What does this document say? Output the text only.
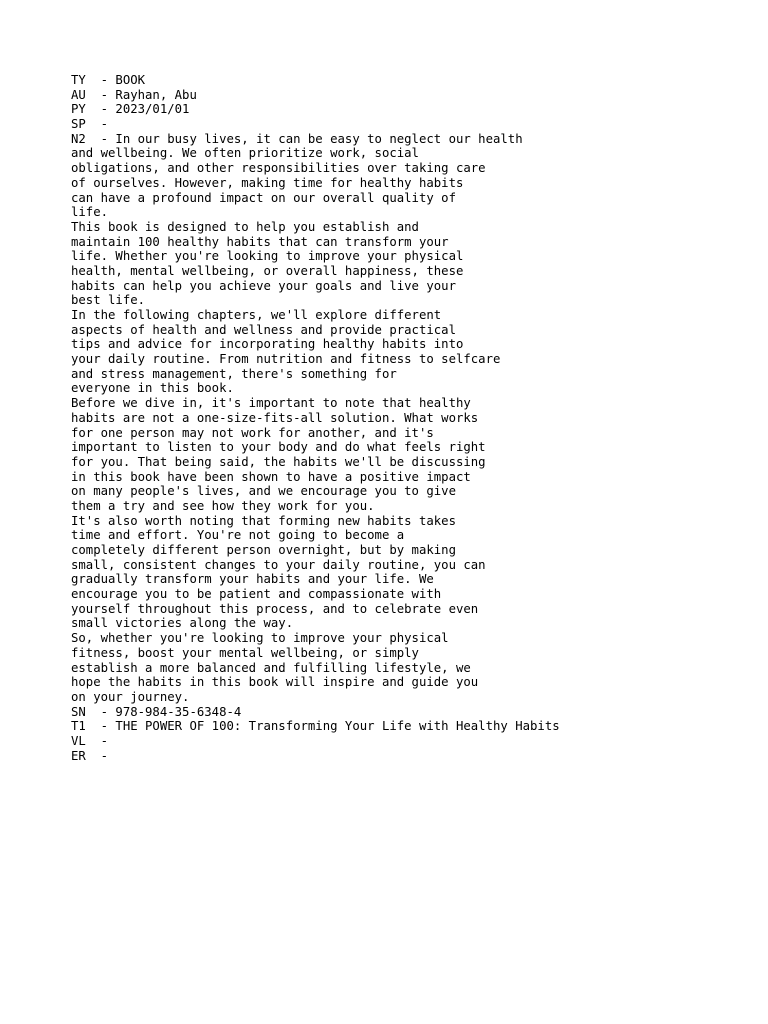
TY  - BOOK
AU  - Rayhan, Abu
PY  - 2023/01/01
SP  -
N2  - In our busy lives, it can be easy to neglect our health
and wellbeing. We often prioritize work, social
obligations, and other responsibilities over taking care
of ourselves. However, making time for healthy habits
can have a profound impact on our overall quality of
life.
This book is designed to help you establish and
maintain 100 healthy habits that can transform your
life. Whether you're looking to improve your physical
health, mental wellbeing, or overall happiness, these
habits can help you achieve your goals and live your
best life.
In the following chapters, we'll explore different
aspects of health and wellness and provide practical
tips and advice for incorporating healthy habits into
your daily routine. From nutrition and fitness to selfcare
and stress management, there's something for
everyone in this book.
Before we dive in, it's important to note that healthy
habits are not a one-size-fits-all solution. What works
for one person may not work for another, and it's
important to listen to your body and do what feels right
for you. That being said, the habits we'll be discussing
in this book have been shown to have a positive impact
on many people's lives, and we encourage you to give
them a try and see how they work for you.
It's also worth noting that forming new habits takes
time and effort. You're not going to become a
completely different person overnight, but by making
small, consistent changes to your daily routine, you can
gradually transform your habits and your life. We
encourage you to be patient and compassionate with
yourself throughout this process, and to celebrate even
small victories along the way.
So, whether you're looking to improve your physical
fitness, boost your mental wellbeing, or simply
establish a more balanced and fulfilling lifestyle, we
hope the habits in this book will inspire and guide you
on your journey.
SN  - 978-984-35-6348-4
T1  - THE POWER OF 100: Transforming Your Life with Healthy Habits
VL  -
ER  -
